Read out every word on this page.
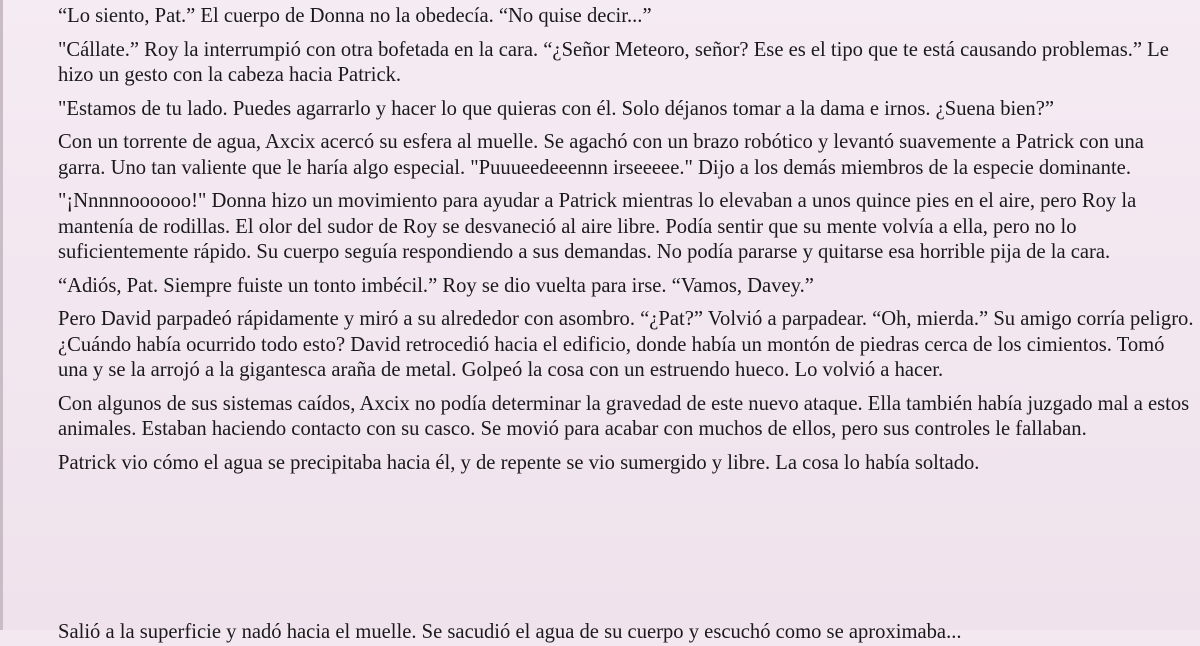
“Lo siento, Pat.” El cuerpo de Donna no la obedecía. “No quise decir...”

"Cállate.” Roy la interrumpió con otra bofetada en la cara. “¿Señor Meteoro, señor? Ese es el tipo que te está causando problemas.” Le hizo un gesto con la cabeza hacia Patrick.

"Estamos de tu lado. Puedes agarrarlo y hacer lo que quieras con él. Solo déjanos tomar a la dama e irnos. ¿Suena bien?”

Con un torrente de agua, Axcix acercó su esfera al muelle. Se agachó con un brazo robótico y levantó suavemente a Patrick con una garra. Uno tan valiente que le haría algo especial. "Puuueedeeennn irseeeee." Dijo a los demás miembros de la especie dominante.

"¡Nnnnnoooooo!" Donna hizo un movimiento para ayudar a Patrick mientras lo elevaban a unos quince pies en el aire, pero Roy la mantenía de rodillas. El olor del sudor de Roy se desvaneció al aire libre. Podía sentir que su mente volvía a ella, pero no lo suficientemente rápido. Su cuerpo seguía respondiendo a sus demandas. No podía pararse y quitarse esa horrible pija de la cara.

“Adiós, Pat. Siempre fuiste un tonto imbécil.” Roy se dio vuelta para irse. “Vamos, Davey.”

Pero David parpadeó rápidamente y miró a su alrededor con asombro. “¿Pat?” Volvió a parpadear. “Oh, mierda.” Su amigo corría peligro. ¿Cuándo había ocurrido todo esto? David retrocedió hacia el edificio, donde había un montón de piedras cerca de los cimientos. Tomó una y se la arrojó a la gigantesca araña de metal. Golpeó la cosa con un estruendo hueco. Lo volvió a hacer.

Con algunos de sus sistemas caídos, Axcix no podía determinar la gravedad de este nuevo ataque. Ella también había juzgado mal a estos animales. Estaban haciendo contacto con su casco. Se movió para acabar con muchos de ellos, pero sus controles le fallaban.

Patrick vio cómo el agua se precipitaba hacia él, y de repente se vio sumergido y libre. La cosa lo había soltado.

Salió a la superficie y nadó hacia el muelle. Se sacudió el agua de su cuerpo y escuchó como se aproximaba...
